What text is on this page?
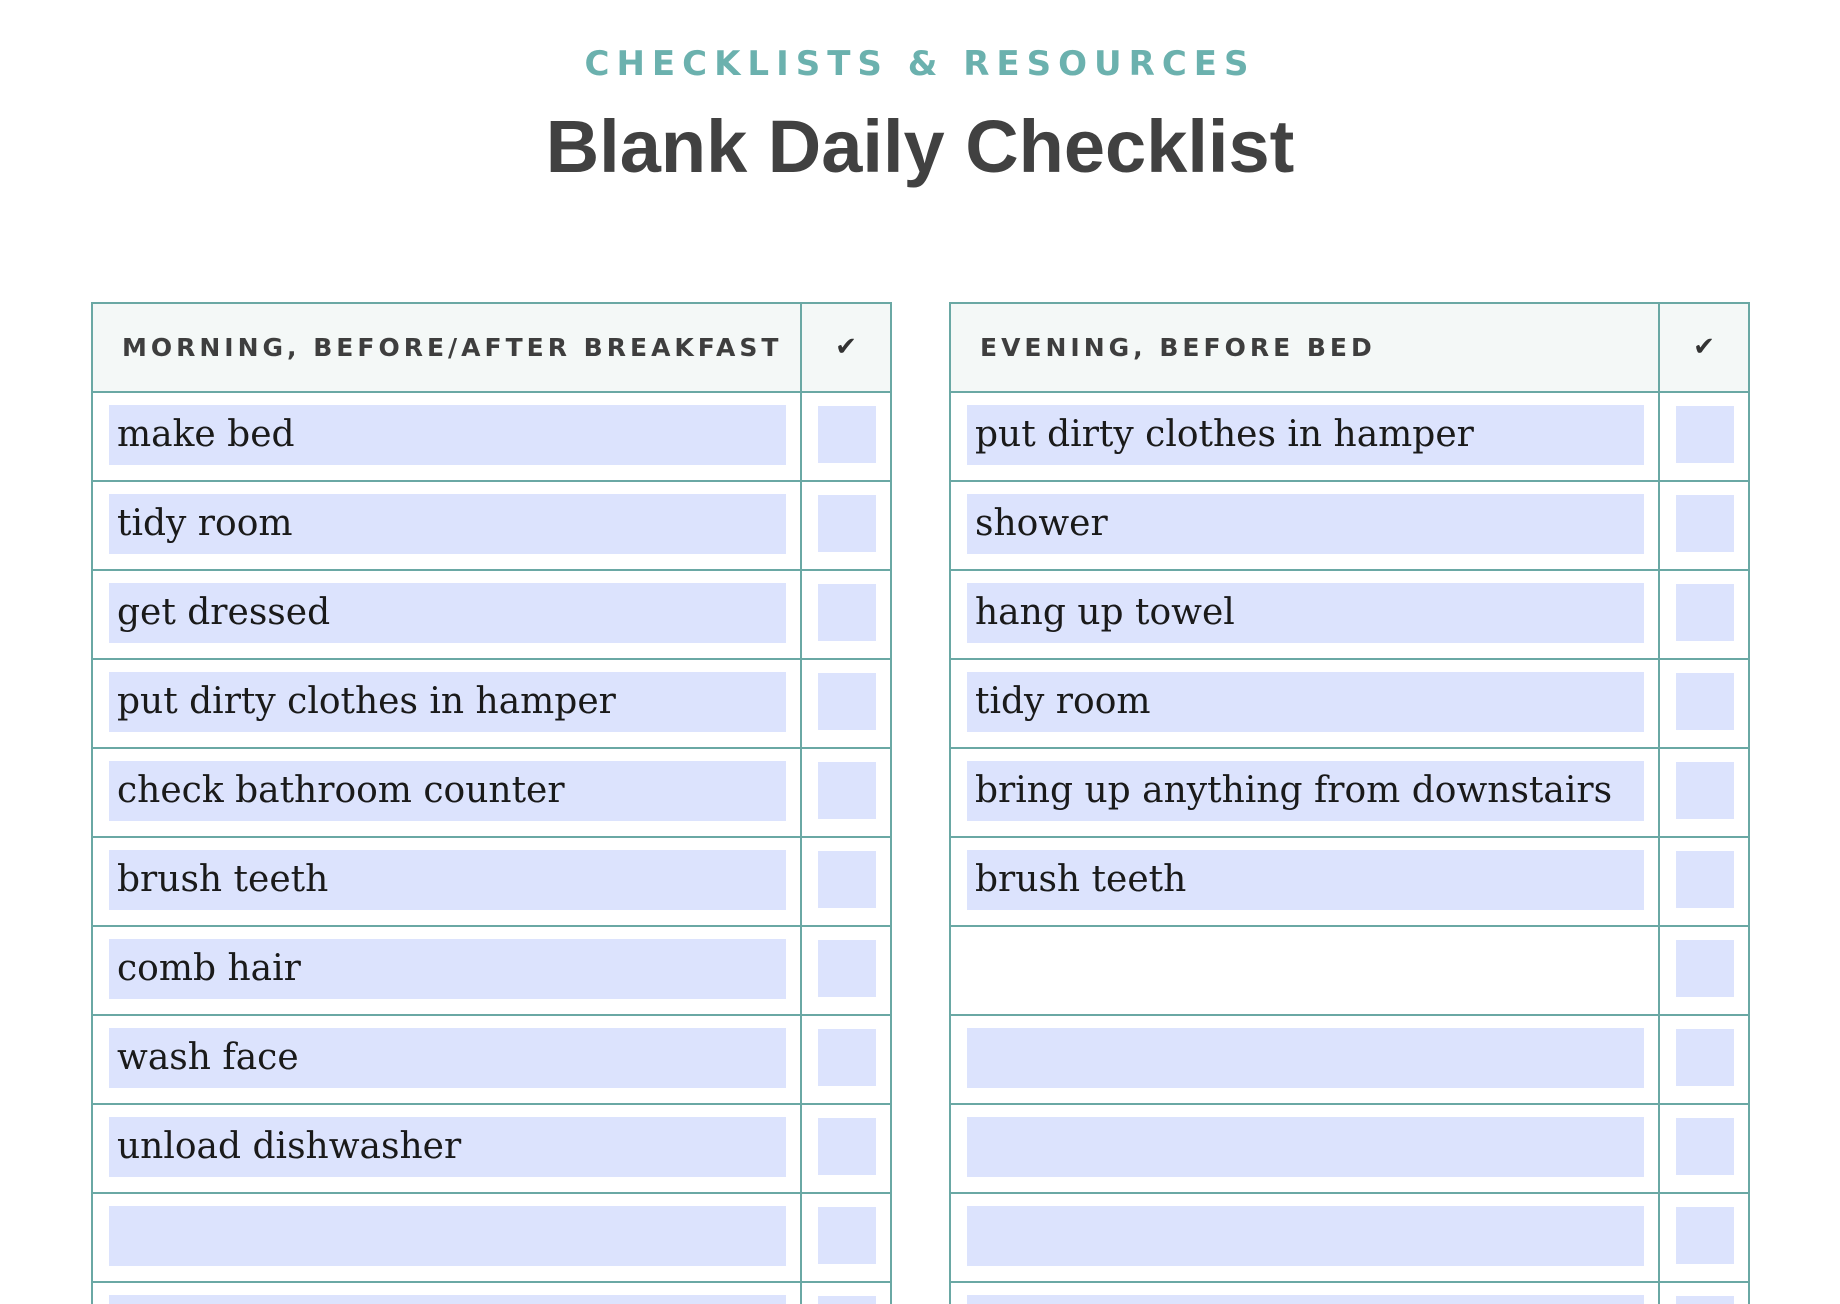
CHECKLISTS & RESOURCES
Blank Daily Checklist
MORNING, BEFORE/AFTER BREAKFAST	✔
make bed
tidy room
get dressed
put dirty clothes in hamper
check bathroom counter
brush teeth
comb hair
wash face
unload dishwasher
EVENING, BEFORE BED	✔
put dirty clothes in hamper
shower
hang up towel
tidy room
bring up anything from downstairs
brush teeth
